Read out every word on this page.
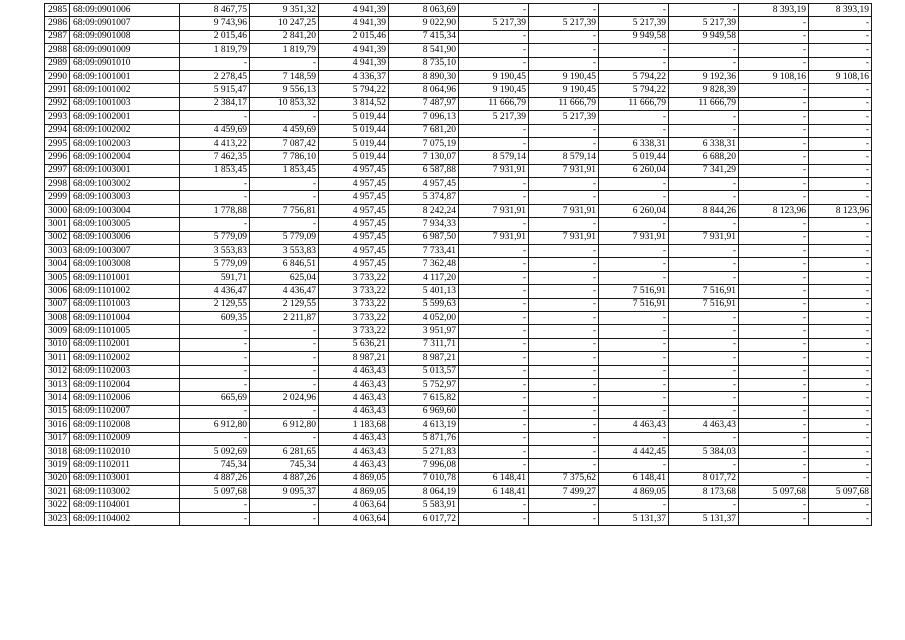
2985	68:09:0901006	8 467,75	9 351,32	4 941,39	8 063,69	-	-	-	-	8 393,19	8 393,19
2986	68:09:0901007	9 743,96	10 247,25	4 941,39	9 022,90	5 217,39	5 217,39	5 217,39	5 217,39	-	-
2987	68:09:0901008	2 015,46	2 841,20	2 015,46	7 415,34	-	-	9 949,58	9 949,58	-	-
2988	68:09:0901009	1 819,79	1 819,79	4 941,39	8 541,90	-	-	-	-	-	-
2989	68:09:0901010	-	-	4 941,39	8 735,10	-	-	-	-	-	-
2990	68:09:1001001	2 278,45	7 148,59	4 336,37	8 890,30	9 190,45	9 190,45	5 794,22	9 192,36	9 108,16	9 108,16
2991	68:09:1001002	5 915,47	9 556,13	5 794,22	8 064,96	9 190,45	9 190,45	5 794,22	9 828,39	-	-
2992	68:09:1001003	2 384,17	10 853,32	3 814,52	7 487,97	11 666,79	11 666,79	11 666,79	11 666,79	-	-
2993	68:09:1002001	-	-	5 019,44	7 096,13	5 217,39	5 217,39	-	-	-	-
2994	68:09:1002002	4 459,69	4 459,69	5 019,44	7 681,20	-	-	-	-	-	-
2995	68:09:1002003	4 413,22	7 087,42	5 019,44	7 075,19	-	-	6 338,31	6 338,31	-	-
2996	68:09:1002004	7 462,35	7 786,10	5 019,44	7 130,07	8 579,14	8 579,14	5 019,44	6 688,20	-	-
2997	68:09:1003001	1 853,45	1 853,45	4 957,45	6 587,88	7 931,91	7 931,91	6 260,04	7 341,29	-	-
2998	68:09:1003002	-	-	4 957,45	4 957,45	-	-	-	-	-	-
2999	68:09:1003003	-	-	4 957,45	5 374,87	-	-	-	-	-	-
3000	68:09:1003004	1 778,88	7 756,81	4 957,45	8 242,24	7 931,91	7 931,91	6 260,04	8 844,26	8 123,96	8 123,96
3001	68:09:1003005	-	-	4 957,45	7 934,33	-	-	-	-	-	-
3002	68:09:1003006	5 779,09	5 779,09	4 957,45	6 987,50	7 931,91	7 931,91	7 931,91	7 931,91	-	-
3003	68:09:1003007	3 553,83	3 553,83	4 957,45	7 733,41	-	-	-	-	-	-
3004	68:09:1003008	5 779,09	6 846,51	4 957,45	7 362,48	-	-	-	-	-	-
3005	68:09:1101001	591,71	625,04	3 733,22	4 117,20	-	-	-	-	-	-
3006	68:09:1101002	4 436,47	4 436,47	3 733,22	5 401,13	-	-	7 516,91	7 516,91	-	-
3007	68:09:1101003	2 129,55	2 129,55	3 733,22	5 599,63	-	-	7 516,91	7 516,91	-	-
3008	68:09:1101004	609,35	2 211,87	3 733,22	4 052,00	-	-	-	-	-	-
3009	68:09:1101005	-	-	3 733,22	3 951,97	-	-	-	-	-	-
3010	68:09:1102001	-	-	5 636,21	7 311,71	-	-	-	-	-	-
3011	68:09:1102002	-	-	8 987,21	8 987,21	-	-	-	-	-	-
3012	68:09:1102003	-	-	4 463,43	5 013,57	-	-	-	-	-	-
3013	68:09:1102004	-	-	4 463,43	5 752,97	-	-	-	-	-	-
3014	68:09:1102006	665,69	2 024,96	4 463,43	7 615,82	-	-	-	-	-	-
3015	68:09:1102007	-	-	4 463,43	6 969,60	-	-	-	-	-	-
3016	68:09:1102008	6 912,80	6 912,80	1 183,68	4 613,19	-	-	4 463,43	4 463,43	-	-
3017	68:09:1102009	-	-	4 463,43	5 871,76	-	-	-	-	-	-
3018	68:09:1102010	5 092,69	6 281,65	4 463,43	5 271,83	-	-	4 442,45	5 384,03	-	-
3019	68:09:1102011	745,34	745,34	4 463,43	7 996,08	-	-	-	-	-	-
3020	68:09:1103001	4 887,26	4 887,26	4 869,05	7 010,78	6 148,41	7 375,62	6 148,41	8 017,72	-	-
3021	68:09:1103002	5 097,68	9 095,37	4 869,05	8 064,19	6 148,41	7 499,27	4 869,05	8 173,68	5 097,68	5 097,68
3022	68:09:1104001	-	-	4 063,64	5 583,91	-	-	-	-	-	-
3023	68:09:1104002	-	-	4 063,64	6 017,72	-	-	5 131,37	5 131,37	-	-
